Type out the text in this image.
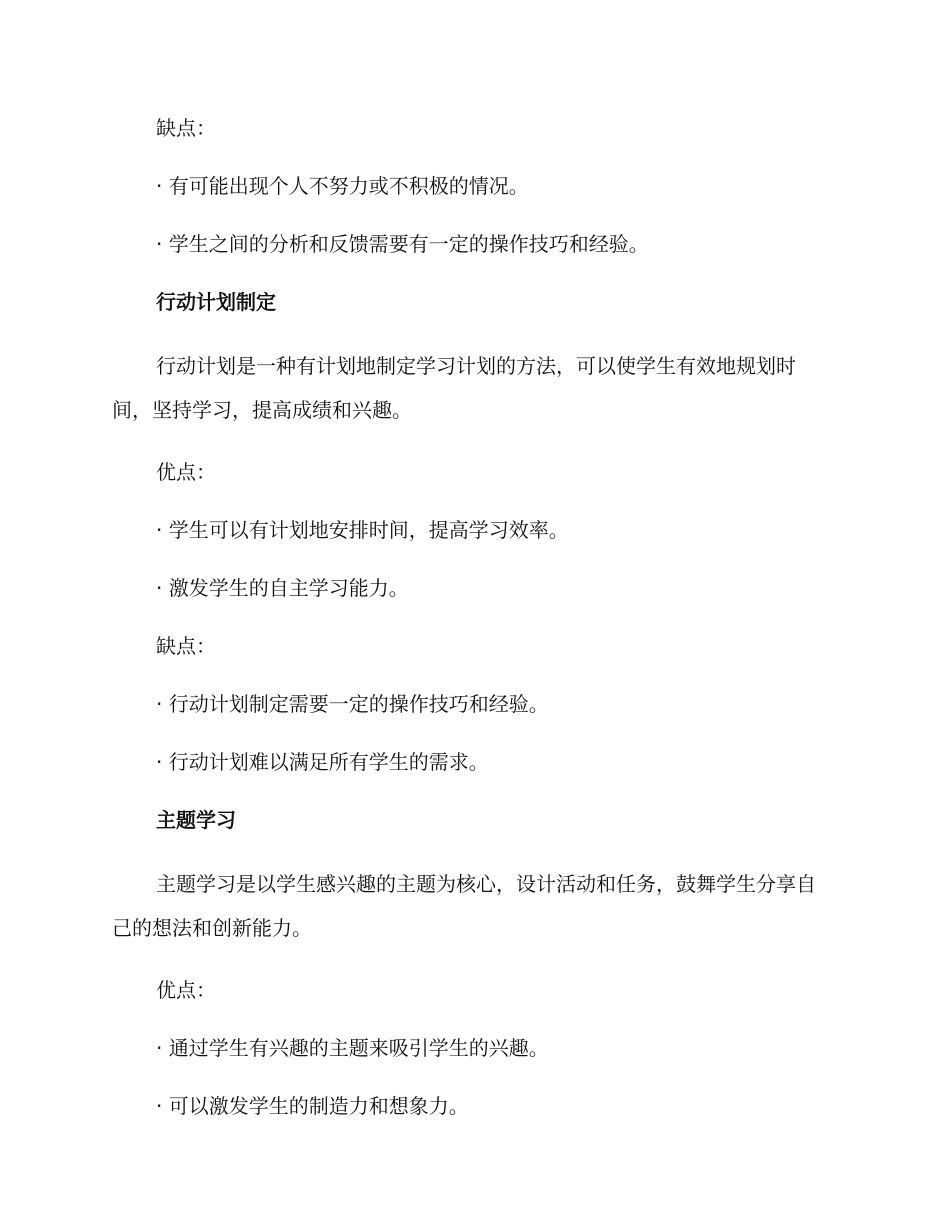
缺点：

· 有可能出现个人不努力或不积极的情况。

· 学生之间的分析和反馈需要有一定的操作技巧和经验。

行动计划制定

行动计划是一种有计划地制定学习计划的方法，可以使学生有效地规划时间，坚持学习，提高成绩和兴趣。

优点：

· 学生可以有计划地安排时间，提高学习效率。

· 激发学生的自主学习能力。

缺点：

· 行动计划制定需要一定的操作技巧和经验。

· 行动计划难以满足所有学生的需求。

主题学习

主题学习是以学生感兴趣的主题为核心，设计活动和任务，鼓舞学生分享自己的想法和创新能力。

优点：

· 通过学生有兴趣的主题来吸引学生的兴趣。

· 可以激发学生的制造力和想象力。
